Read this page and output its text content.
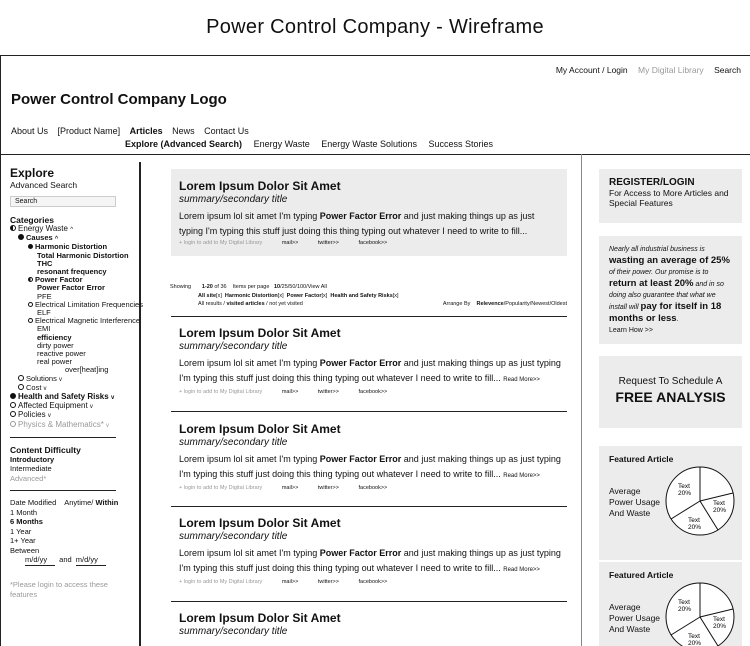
Power Control Company - Wireframe
My Account / Login My Digital Library Search
Power Control Company Logo
About Us [Product Name] Articles News Contact Us
Explore (Advanced Search) Energy Waste Energy Waste Solutions Success Stories
Explore
Advanced Search
Search
Categories
Energy Waste ^
Causes ^
Harmonic Distortion
Total Harmonic Distortion
THC
resonant frequency
Power Factor
Power Factor Error
PFE
Electrical Limitation Frequencies
ELF
Electrical Magnetic Interference
EMI
efficiency
dirty power
reactive power
real power
over[heat]ing
Solutions v
Cost v
Health and Safety Risks v
Affected Equipment v
Policies v
Physics & Mathematics* v
Content Difficulty
Introductory
Intermediate
Advanced*
Date Modified Anytime/ Within
1 Month
6 Months
1 Year
1+ Year
Between
m/d/yy and m/d/yy
*Please login to access these features
Lorem Ipsum Dolor Sit Amet
summary/secondary title
Lorem ipsum lol sit amet I'm typing Power Factor Error and just making things up as just typing I'm typing this stuff just doing this thing typing out whatever I need to write to fill...
+ login to add to My Digital Library	mail>>	twitter>>	facebook>>
Showing 1-20 of 36 Items per page 10/25/50/100/View All
All site[x] Harmonic Distortion[x] Power Factor[x] Health and Safety Risks[x]
All results / visited articles / not yet visited	Arrange By Relevence/Popularity/Newest/Oldest
Lorem Ipsum Dolor Sit Amet
summary/secondary title
Lorem ipsum lol sit amet I'm typing Power Factor Error and just making things up as just typing I'm typing this stuff just doing this thing typing out whatever I need to write to fill... Read More>>
+ login to add to My Digital Library	mail>>	twitter>>	facebook>>
Lorem Ipsum Dolor Sit Amet
summary/secondary title
Lorem ipsum lol sit amet I'm typing Power Factor Error and just making things up as just typing I'm typing this stuff just doing this thing typing out whatever I need to write to fill... Read More>>
+ login to add to My Digital Library	mail>>	twitter>>	facebook>>
Lorem Ipsum Dolor Sit Amet
summary/secondary title
Lorem ipsum lol sit amet I'm typing Power Factor Error and just making things up as just typing I'm typing this stuff just doing this thing typing out whatever I need to write to fill... Read More>>
+ login to add to My Digital Library	mail>>	twitter>>	facebook>>
Lorem Ipsum Dolor Sit Amet
summary/secondary title
REGISTER/LOGIN
For Access to More Articles and Special Features
Nearly all industrial business is wasting an average of 25% of their power. Our promise is to return at least 20% and in so doing also guarantee that what we install will pay for itself in 18 months or less.
Learn How >>
Request To Schedule A
FREE ANALYSIS
Featured Article
Average Power Usage And Waste
Text
20%
Text
20%
Text
20%
Featured Article
Average Power Usage And Waste
Text
20%
Text
20%
Text
20%
